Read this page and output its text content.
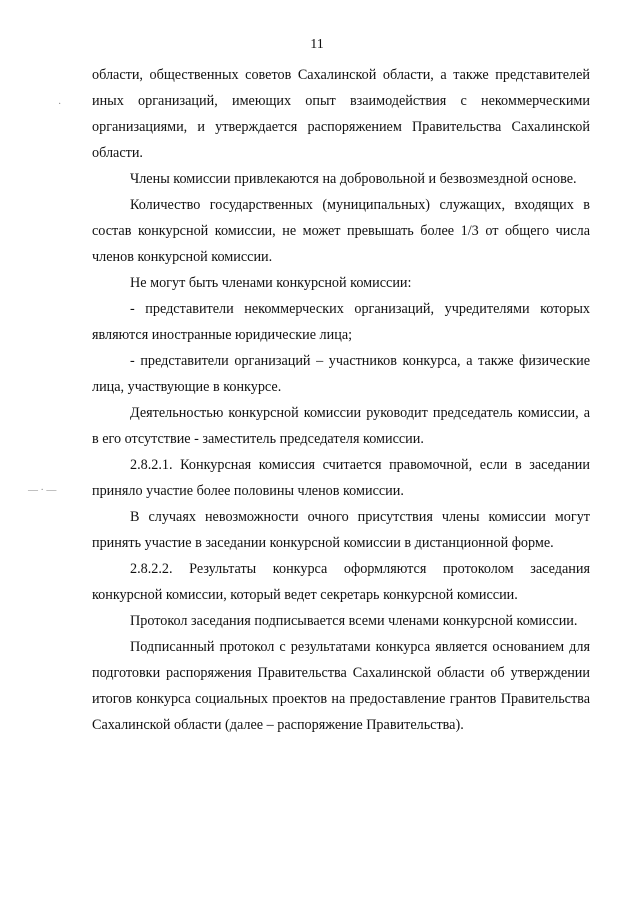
11
·
— · —

области, общественных советов Сахалинской области, а также представителей иных организаций, имеющих опыт взаимодействия с некоммерческими организациями, и утверждается распоряжением Правительства Сахалинской области.

Члены комиссии привлекаются на добровольной и безвозмездной основе.

Количество государственных (муниципальных) служащих, входящих в состав конкурсной комиссии, не может превышать более 1/3 от общего числа членов конкурсной комиссии.

Не могут быть членами конкурсной комиссии:

- представители некоммерческих организаций, учредителями которых являются иностранные юридические лица;

- представители организаций – участников конкурса, а также физические лица, участвующие в конкурсе.

Деятельностью конкурсной комиссии руководит председатель комиссии, а в его отсутствие - заместитель председателя комиссии.

2.8.2.1. Конкурсная комиссия считается правомочной, если в заседании приняло участие более половины членов комиссии.

В случаях невозможности очного присутствия члены комиссии могут принять участие в заседании конкурсной комиссии в дистанционной форме.

2.8.2.2. Результаты конкурса оформляются протоколом заседания конкурсной комиссии, который ведет секретарь конкурсной комиссии.

Протокол заседания подписывается всеми членами конкурсной комиссии.

Подписанный протокол с результатами конкурса является основанием для подготовки распоряжения Правительства Сахалинской области об утверждении итогов конкурса социальных проектов на предоставление грантов Правительства Сахалинской области (далее – распоряжение Правительства).
